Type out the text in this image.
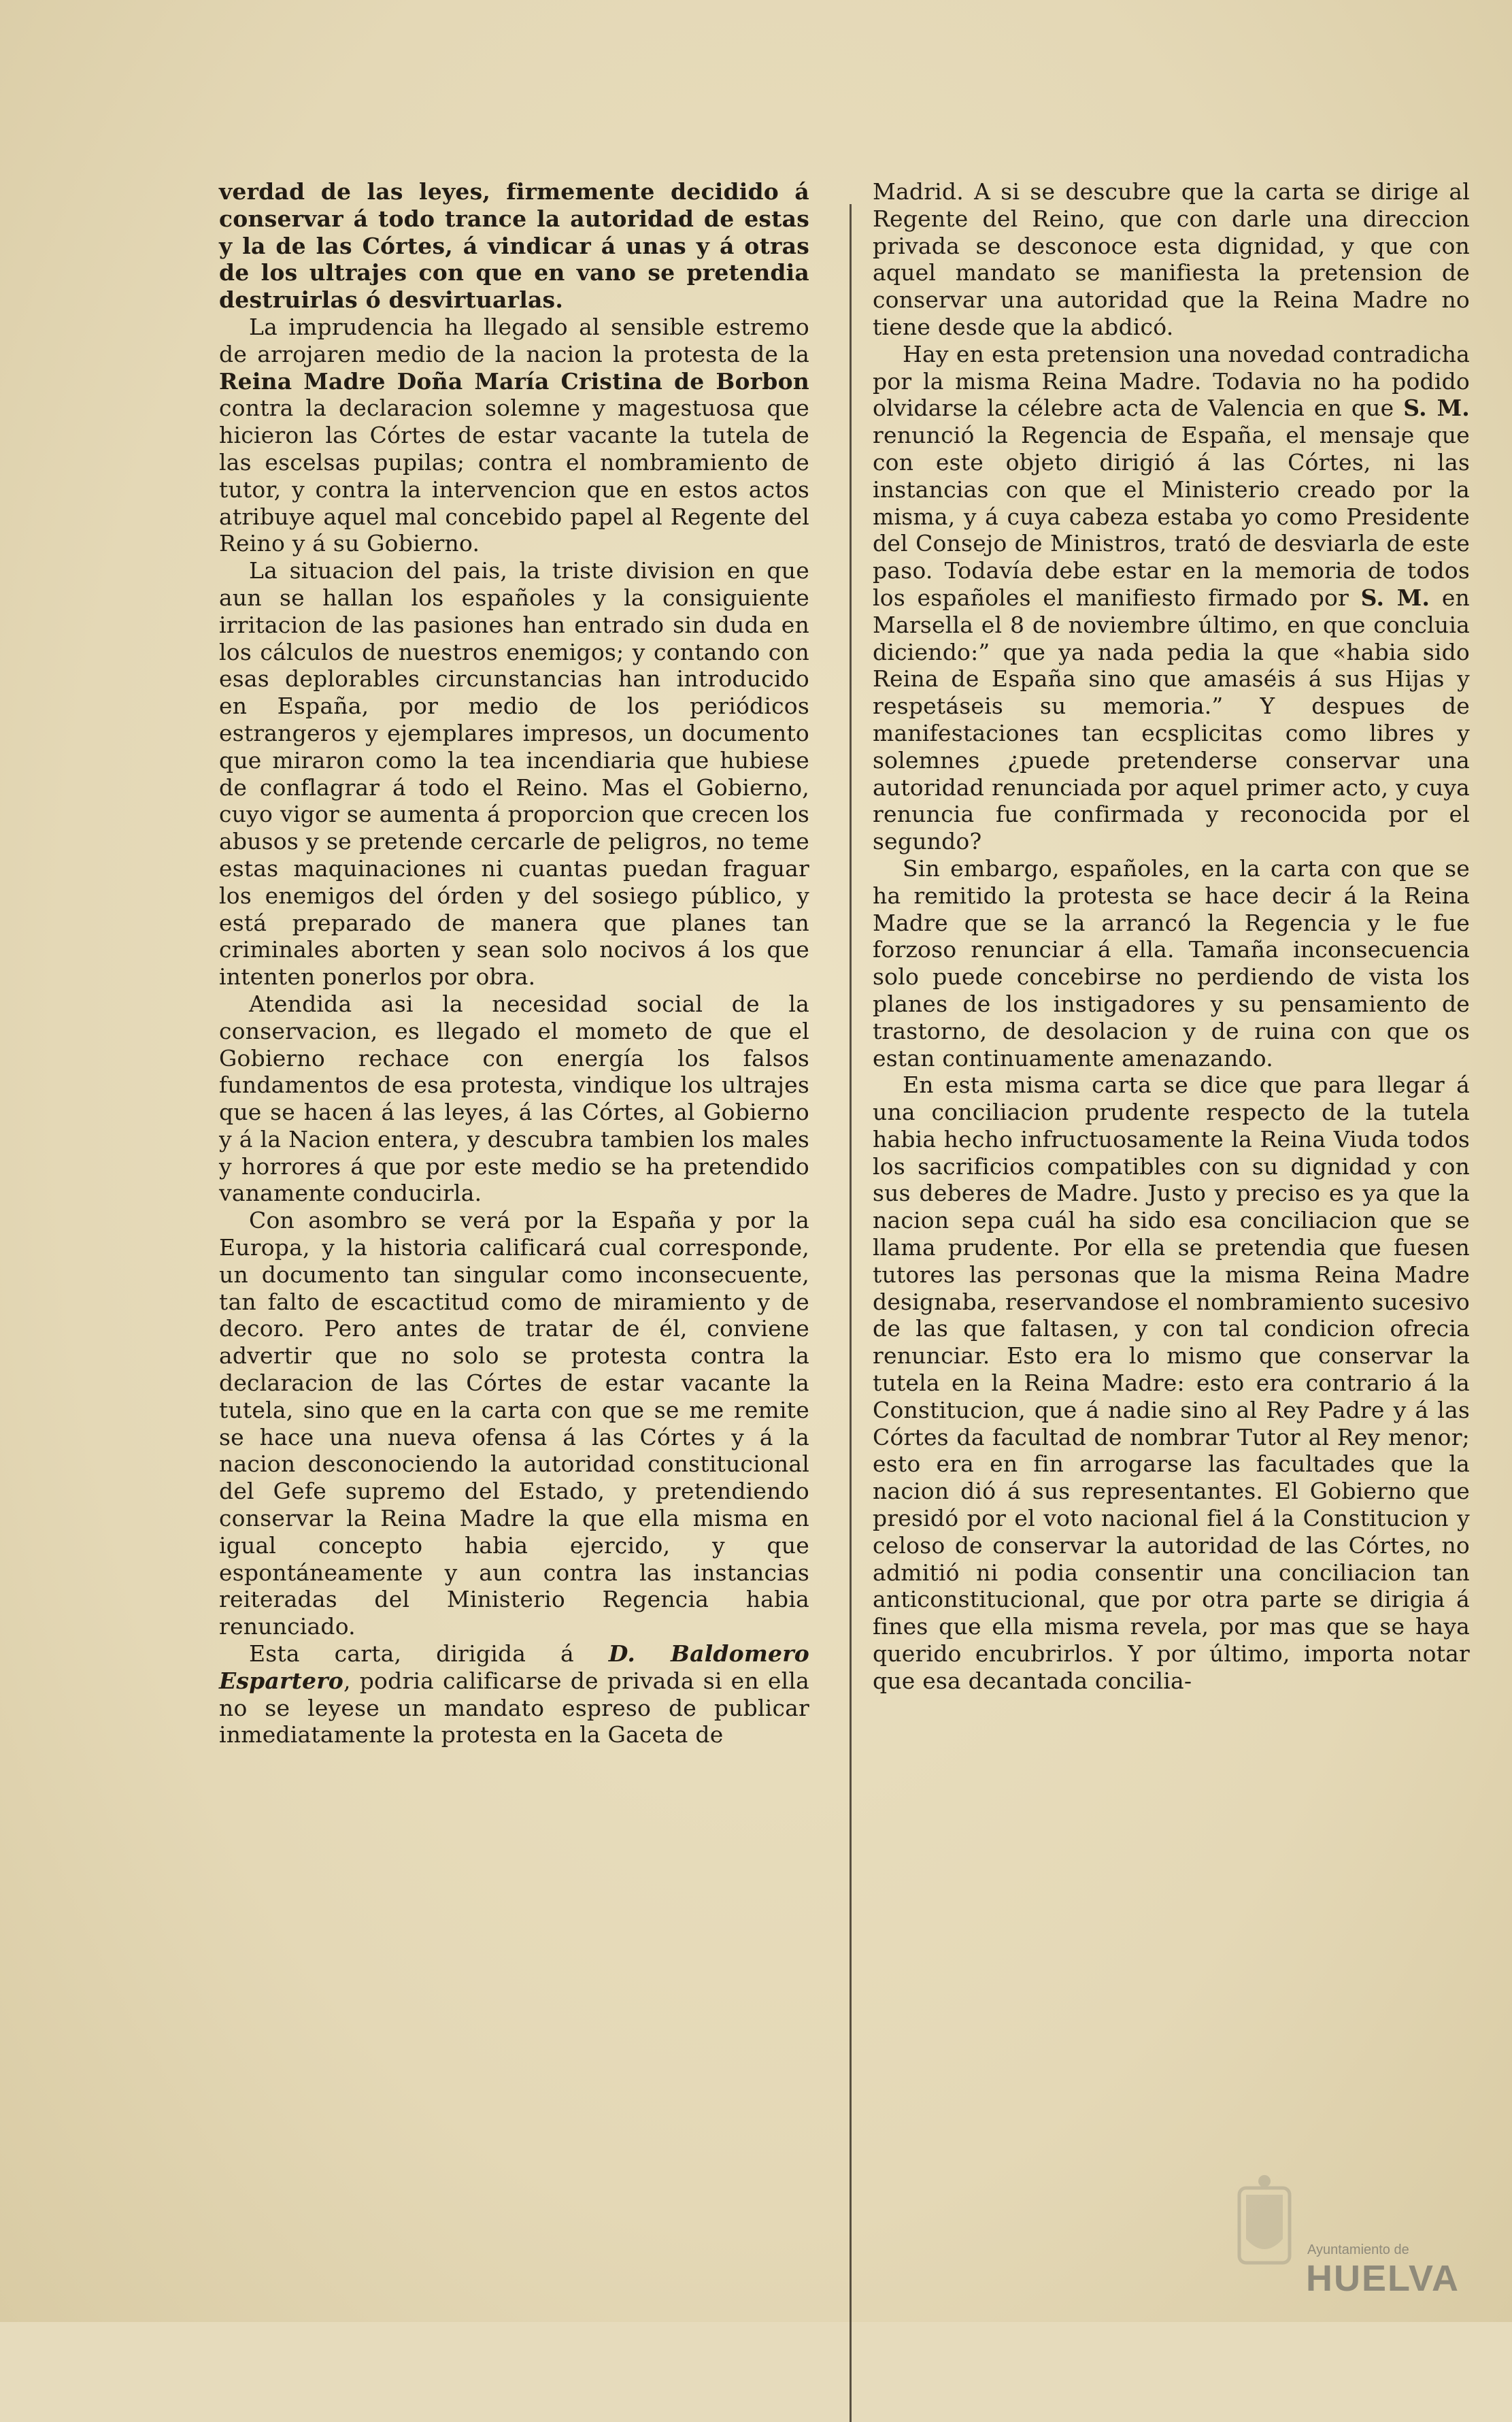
verdad de las leyes, firmemente decidido á conservar á todo trance la autoridad de estas y la de las Córtes, á vindicar á unas y á otras de los ultrajes con que en vano se pretendia destruirlas ó desvirtuarlas.

La imprudencia ha llegado al sensible estremo de arrojaren medio de la nacion la protesta de la Reina Madre Doña María Cristina de Borbon contra la declaracion solemne y magestuosa que hicieron las Córtes de estar vacante la tutela de las escelsas pupilas; contra el nombramiento de tutor, y contra la intervencion que en estos actos atribuye aquel mal concebido papel al Regente del Reino y á su Gobierno.

La situacion del pais, la triste division en que aun se hallan los españoles y la consiguiente irritacion de las pasiones han entrado sin duda en los cálculos de nuestros enemigos; y contando con esas deplorables circunstancias han introducido en España, por medio de los periódicos estrangeros y ejemplares impresos, un documento que miraron como la tea incendiaria que hubiese de conflagrar á todo el Reino. Mas el Gobierno, cuyo vigor se aumenta á proporcion que crecen los abusos y se pretende cercarle de peligros, no teme estas maquinaciones ni cuantas puedan fraguar los enemigos del órden y del sosiego público, y está preparado de manera que planes tan criminales aborten y sean solo nocivos á los que intenten ponerlos por obra.

Atendida asi la necesidad social de la conservacion, es llegado el mometo de que el Gobierno rechace con energía los falsos fundamentos de esa protesta, vindique los ultrajes que se hacen á las leyes, á las Córtes, al Gobierno y á la Nacion entera, y descubra tambien los males y horrores á que por este medio se ha pretendido vanamente conducirla.

Con asombro se verá por la España y por la Europa, y la historia calificará cual corresponde, un documento tan singular como inconsecuente, tan falto de escactitud como de miramiento y de decoro. Pero antes de tratar de él, conviene advertir que no solo se protesta contra la declaracion de las Córtes de estar vacante la tutela, sino que en la carta con que se me remite se hace una nueva ofensa á las Córtes y á la nacion desconociendo la autoridad constitucional del Gefe supremo del Estado, y pretendiendo conservar la Reina Madre la que ella misma en igual concepto habia ejercido, y que espontáneamente y aun contra las instancias reiteradas del Ministerio Regencia habia renunciado.

Esta carta, dirigida á D. Baldomero Espartero, podria calificarse de privada si en ella no se leyese un mandato espreso de publicar inmediatamente la protesta en la Gaceta de

Madrid. A si se descubre que la carta se dirige al Regente del Reino, que con darle una direccion privada se desconoce esta dignidad, y que con aquel mandato se manifiesta la pretension de conservar una autoridad que la Reina Madre no tiene desde que la abdicó.

Hay en esta pretension una novedad contradicha por la misma Reina Madre. Todavia no ha podido olvidarse la célebre acta de Valencia en que S. M. renunció la Regencia de España, el mensaje que con este objeto dirigió á las Córtes, ni las instancias con que el Ministerio creado por la misma, y á cuya cabeza estaba yo como Presidente del Consejo de Ministros, trató de desviarla de este paso. Todavía debe estar en la memoria de todos los españoles el manifiesto firmado por S. M. en Marsella el 8 de noviembre último, en que concluia diciendo:” que ya nada pedia la que «habia sido Reina de España sino que amaséis á sus Hijas y respetáseis su memoria.” Y despues de manifestaciones tan ecsplicitas como libres y solemnes ¿puede pretenderse conservar una autoridad renunciada por aquel primer acto, y cuya renuncia fue confirmada y reconocida por el segundo?

Sin embargo, españoles, en la carta con que se ha remitido la protesta se hace decir á la Reina Madre que se la arrancó la Regencia y le fue forzoso renunciar á ella. Tamaña inconsecuencia solo puede concebirse no perdiendo de vista los planes de los instigadores y su pensamiento de trastorno, de desolacion y de ruina con que os estan continuamente amenazando.

En esta misma carta se dice que para llegar á una conciliacion prudente respecto de la tutela habia hecho infructuosamente la Reina Viuda todos los sacrificios compatibles con su dignidad y con sus deberes de Madre. Justo y preciso es ya que la nacion sepa cuál ha sido esa conciliacion que se llama prudente. Por ella se pretendia que fuesen tutores las personas que la misma Reina Madre designaba, reservandose el nombramiento sucesivo de las que faltasen, y con tal condicion ofrecia renunciar. Esto era lo mismo que conservar la tutela en la Reina Madre: esto era contrario á la Constitucion, que á nadie sino al Rey Padre y á las Córtes da facultad de nombrar Tutor al Rey menor; esto era en fin arrogarse las facultades que la nacion dió á sus representantes. El Gobierno que presidó por el voto nacional fiel á la Constitucion y celoso de conservar la autoridad de las Córtes, no admitió ni podia consentir una conciliacion tan anticonstitucional, que por otra parte se dirigia á fines que ella misma revela, por mas que se haya querido encubrirlos. Y por último, importa notar que esa decantada concilia-

Ayuntamiento de
HUELVA
